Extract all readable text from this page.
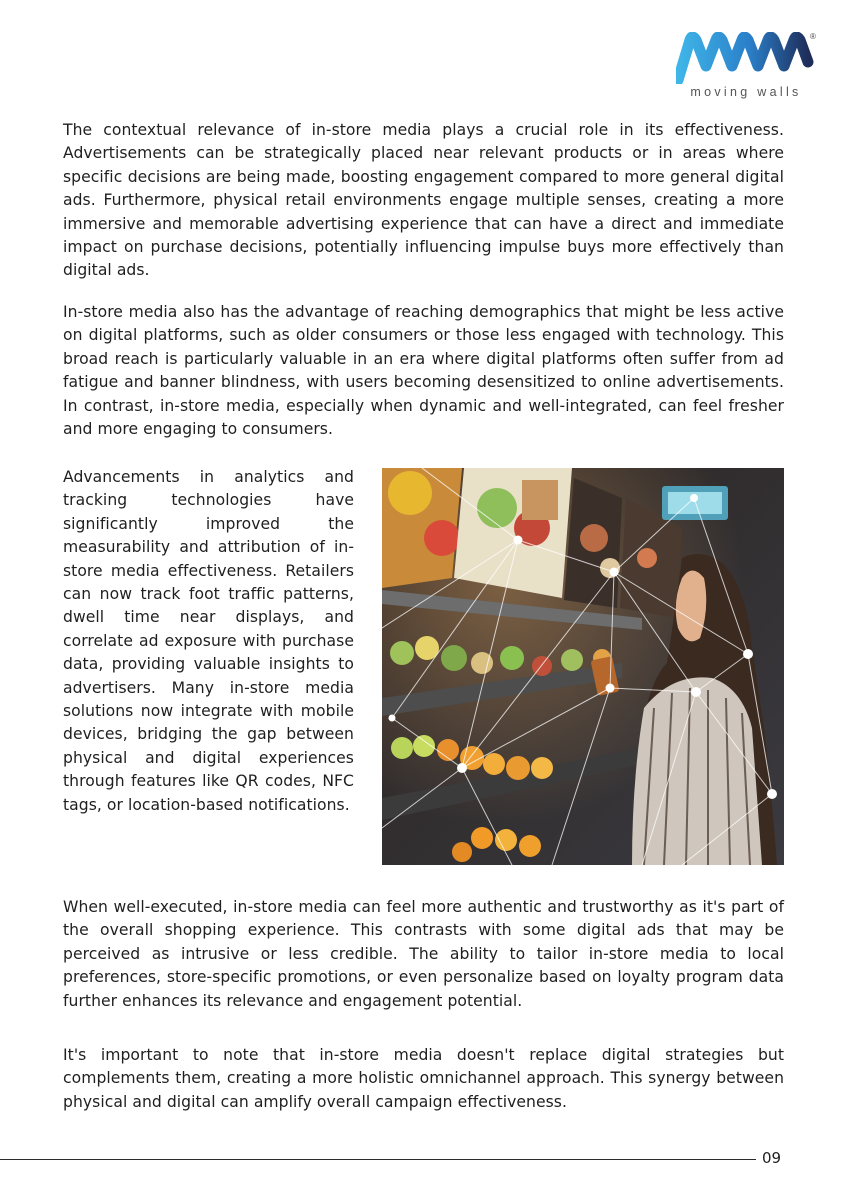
®
moving walls

The contextual relevance of in-store media plays a crucial role in its effectiveness. Advertisements can be strategically placed near relevant products or in areas where specific decisions are being made, boosting engagement compared to more general digital ads. Furthermore, physical retail environments engage multiple senses, creating a more immersive and memorable advertising experience that can have a direct and immediate impact on purchase decisions, potentially influencing impulse buys more effectively than digital ads.

In-store media also has the advantage of reaching demographics that might be less active on digital platforms, such as older consumers or those less engaged with technology. This broad reach is particularly valuable in an era where digital platforms often suffer from ad fatigue and banner blindness, with users becoming desensitized to online advertisements. In contrast, in-store media, especially when dynamic and well-integrated, can feel fresher and more engaging to consumers.

Advancements in analytics and tracking technologies have significantly improved the measurability and attribution of in-store media effectiveness. Retailers can now track foot traffic patterns, dwell time near displays, and correlate ad exposure with purchase data, providing valuable insights to advertisers. Many in-store media solutions now integrate with mobile devices, bridging the gap between physical and digital experiences through features like QR codes, NFC tags, or location-based notifications.

When well-executed, in-store media can feel more authentic and trustworthy as it's part of the overall shopping experience. This contrasts with some digital ads that may be perceived as intrusive or less credible. The ability to tailor in-store media to local preferences, store-specific promotions, or even personalize based on loyalty program data further enhances its relevance and engagement potential.

It's important to note that in-store media doesn't replace digital strategies but complements them, creating a more holistic omnichannel approach. This synergy between physical and digital can amplify overall campaign effectiveness.

09
